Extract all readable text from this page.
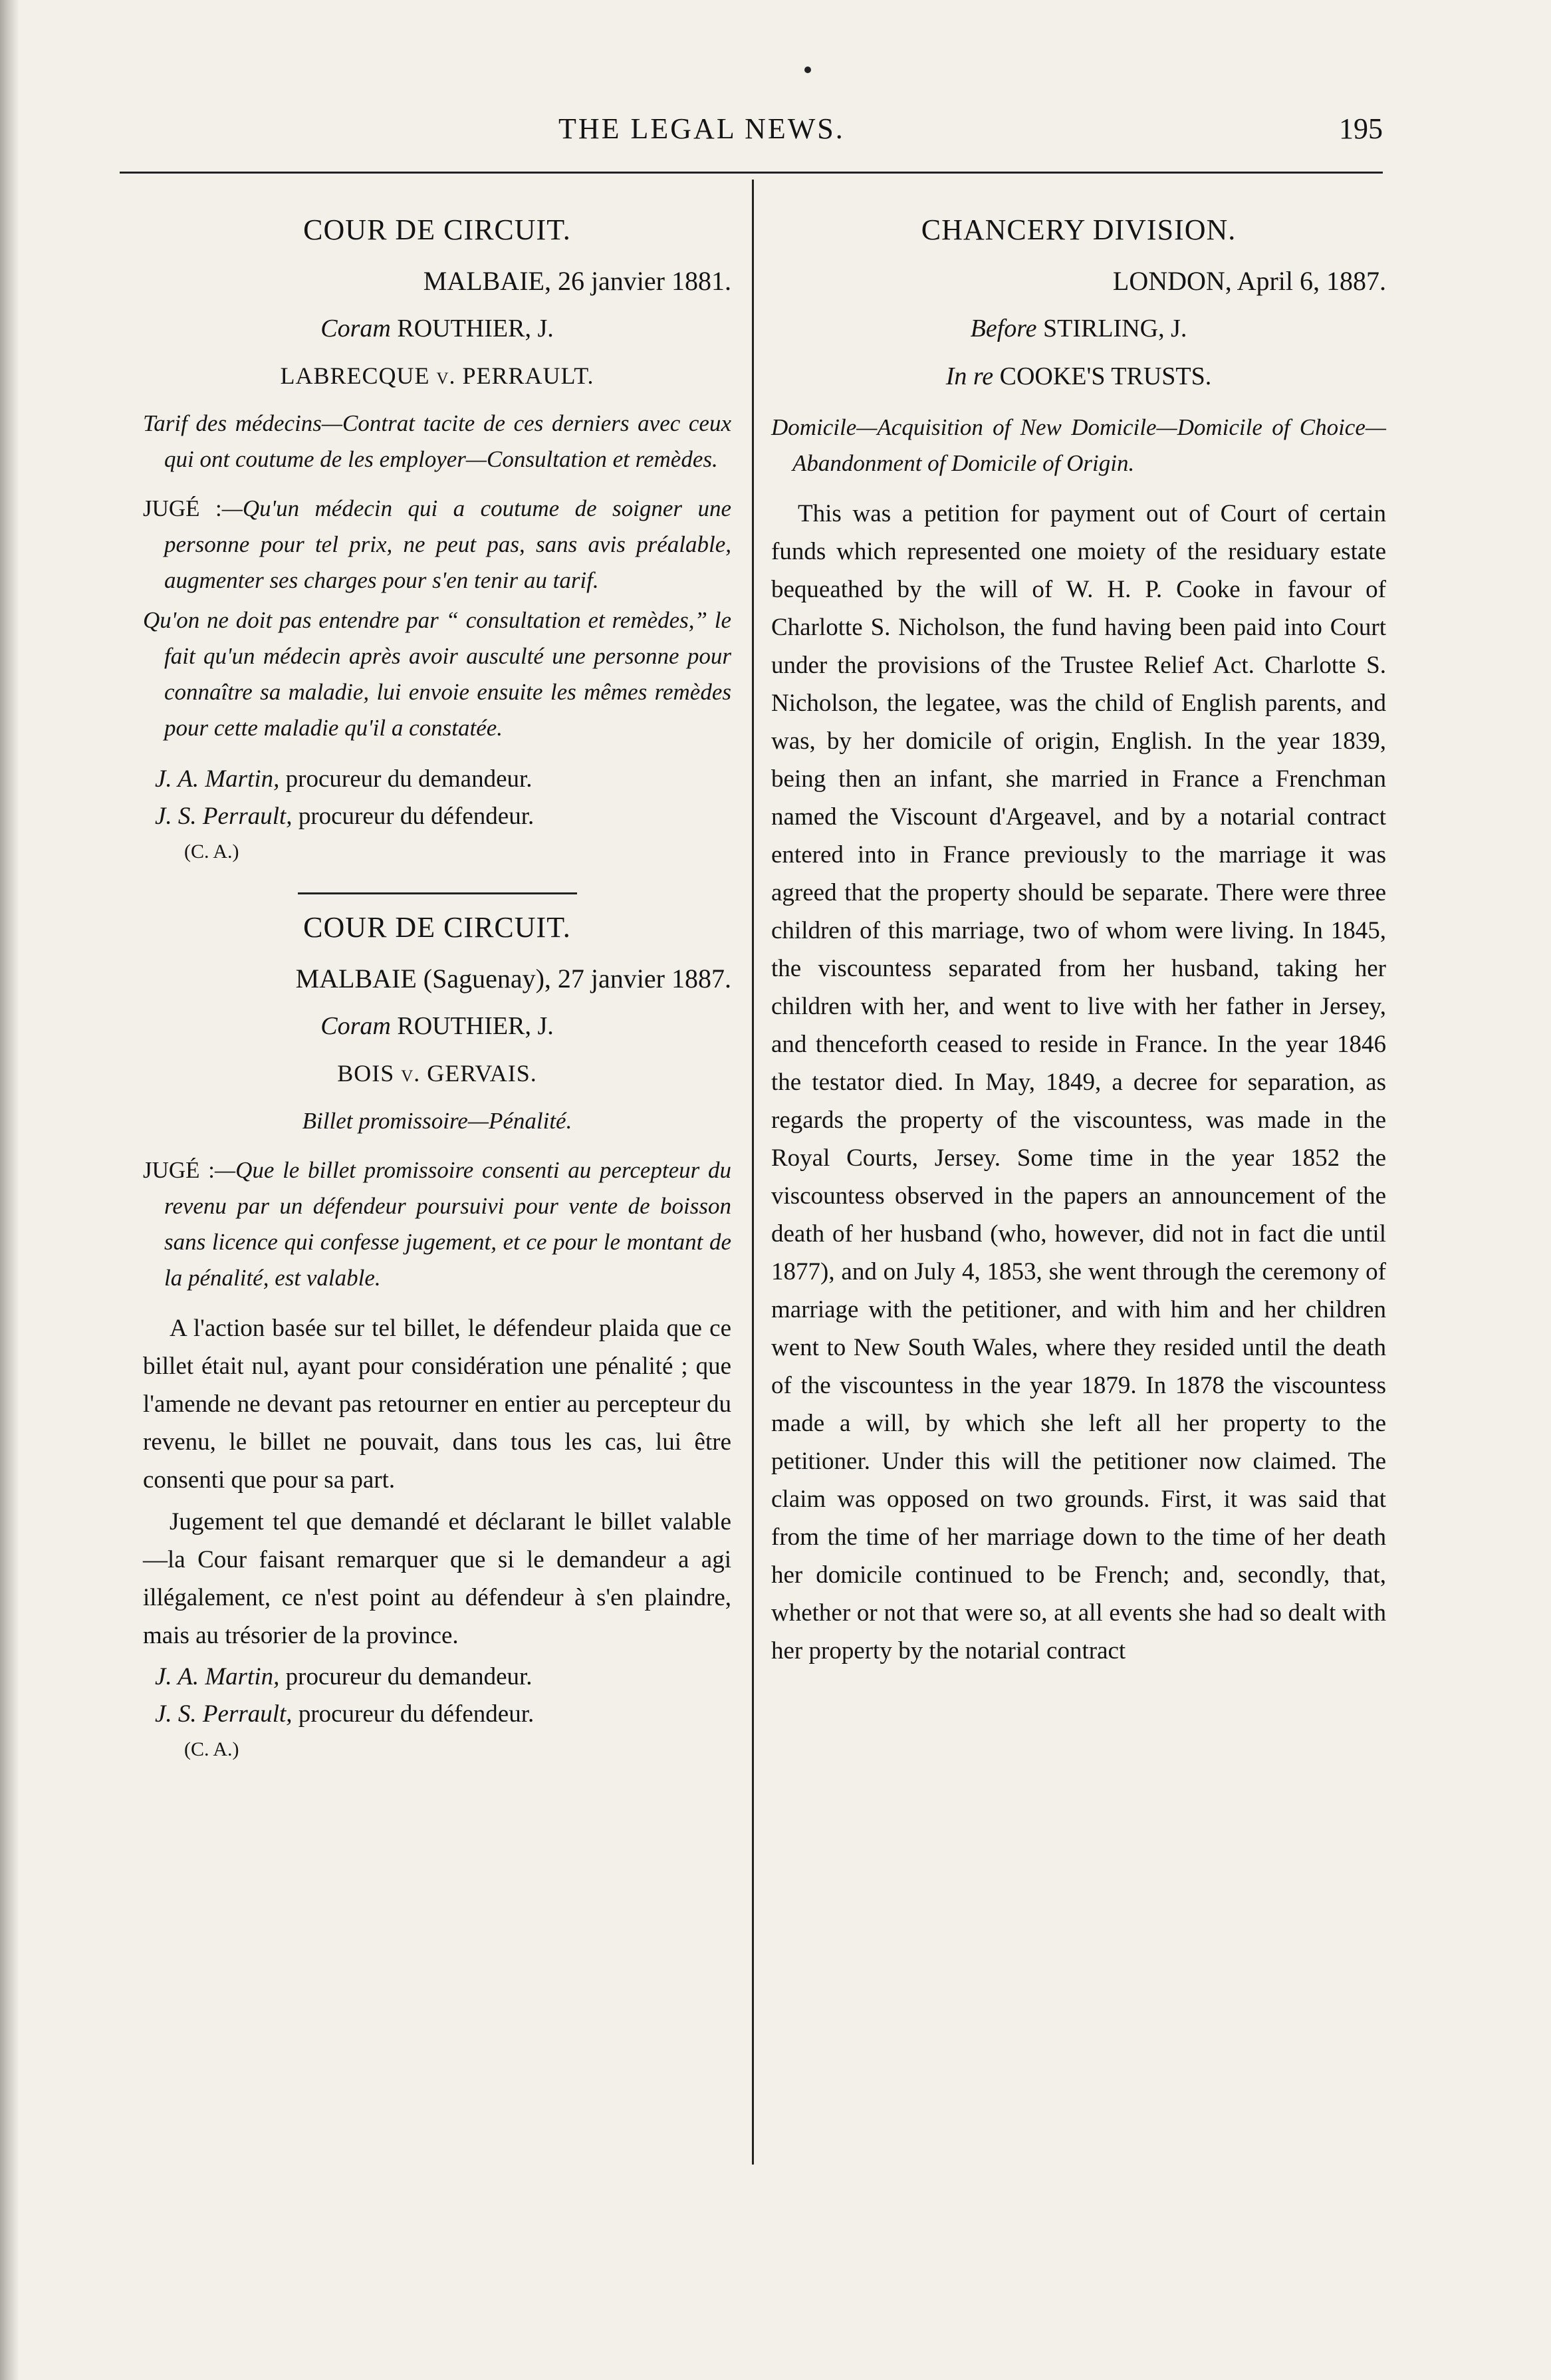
THE LEGAL NEWS.	195
COUR DE CIRCUIT.
MALBAIE, 26 janvier 1881.
Coram ROUTHIER, J.
LABRECQUE v. PERRAULT.

Tarif des médecins—Contrat tacite de ces derniers avec ceux qui ont coutume de les employer—Consultation et remèdes.

JUGÉ :—Qu'un médecin qui a coutume de soigner une personne pour tel prix, ne peut pas, sans avis préalable, augmenter ses charges pour s'en tenir au tarif.

Qu'on ne doit pas entendre par “ consultation et remèdes,” le fait qu'un médecin après avoir ausculté une personne pour connaître sa maladie, lui envoie ensuite les mêmes remèdes pour cette maladie qu'il a constatée.

J. A. Martin, procureur du demandeur.

J. S. Perrault, procureur du défendeur.

(C. A.)

COUR DE CIRCUIT.
MALBAIE (Saguenay), 27 janvier 1887.
Coram ROUTHIER, J.
BOIS v. GERVAIS.

Billet promissoire—Pénalité.

JUGÉ :—Que le billet promissoire consenti au percepteur du revenu par un défendeur poursuivi pour vente de boisson sans licence qui confesse jugement, et ce pour le montant de la pénalité, est valable.

A l'action basée sur tel billet, le défendeur plaida que ce billet était nul, ayant pour considération une pénalité ; que l'amende ne devant pas retourner en entier au percepteur du revenu, le billet ne pouvait, dans tous les cas, lui être consenti que pour sa part.

Jugement tel que demandé et déclarant le billet valable—la Cour faisant remarquer que si le demandeur a agi illégalement, ce n'est point au défendeur à s'en plaindre, mais au trésorier de la province.

J. A. Martin, procureur du demandeur.

J. S. Perrault, procureur du défendeur.

(C. A.)

CHANCERY DIVISION.
LONDON, April 6, 1887.
Before STIRLING, J.
In re COOKE'S TRUSTS.

Domicile—Acquisition of New Domicile—Domicile of Choice—Abandonment of Domicile of Origin.

This was a petition for payment out of Court of certain funds which represented one moiety of the residuary estate bequeathed by the will of W. H. P. Cooke in favour of Charlotte S. Nicholson, the fund having been paid into Court under the provisions of the Trustee Relief Act. Charlotte S. Nicholson, the legatee, was the child of English parents, and was, by her domicile of origin, English. In the year 1839, being then an infant, she married in France a Frenchman named the Viscount d'Argeavel, and by a notarial contract entered into in France previously to the marriage it was agreed that the property should be separate. There were three children of this marriage, two of whom were living. In 1845, the viscountess separated from her husband, taking her children with her, and went to live with her father in Jersey, and thenceforth ceased to reside in France. In the year 1846 the testator died. In May, 1849, a decree for separation, as regards the property of the viscountess, was made in the Royal Courts, Jersey. Some time in the year 1852 the viscountess observed in the papers an announcement of the death of her husband (who, however, did not in fact die until 1877), and on July 4, 1853, she went through the ceremony of marriage with the petitioner, and with him and her children went to New South Wales, where they resided until the death of the viscountess in the year 1879. In 1878 the viscountess made a will, by which she left all her property to the petitioner. Under this will the petitioner now claimed. The claim was opposed on two grounds. First, it was said that from the time of her marriage down to the time of her death her domicile continued to be French; and, secondly, that, whether or not that were so, at all events she had so dealt with her property by the notarial contract
